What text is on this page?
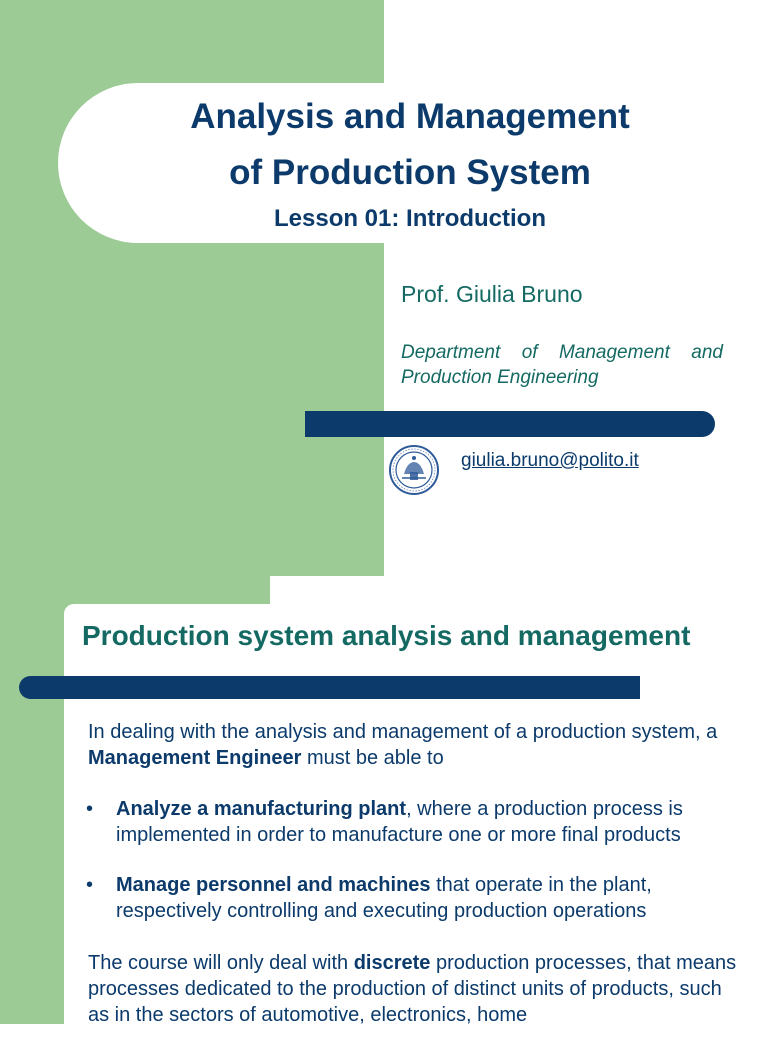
Analysis and Management
of Production System
Lesson 01: Introduction

Prof. Giulia Bruno

Department of Management and Production Engineering

giulia.bruno@polito.it
Production system analysis and management

In dealing with the analysis and management of a production system, a Management Engineer must be able to

• Analyze a manufacturing plant, where a production process is implemented in order to manufacture one or more final products

• Manage personnel and machines that operate in the plant, respectively controlling and executing production operations

The course will only deal with discrete production processes, that means processes dedicated to the production of distinct units of products, such as in the sectors of automotive, electronics, home
